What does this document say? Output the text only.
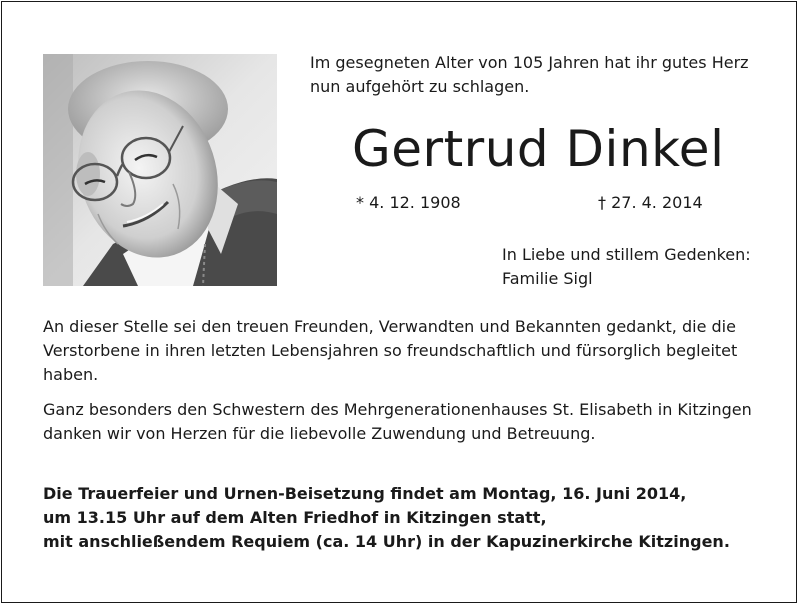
Im gesegneten Alter von 105 Jahren hat ihr gutes Herz
nun aufgehört zu schlagen.
Gertrud Dinkel
* 4. 12. 1908	† 27. 4. 2014
In Liebe und stillem Gedenken:
Familie Sigl

An dieser Stelle sei den treuen Freunden, Verwandten und Bekannten gedankt, die die
Verstorbene in ihren letzten Lebensjahren so freundschaftlich und fürsorglich begleitet
haben.

Ganz besonders den Schwestern des Mehrgenerationenhauses St. Elisabeth in Kitzingen
danken wir von Herzen für die liebevolle Zuwendung und Betreuung.

Die Trauerfeier und Urnen-Beisetzung findet am Montag, 16. Juni 2014,
um 13.15 Uhr auf dem Alten Friedhof in Kitzingen statt,
mit anschließendem Requiem (ca. 14 Uhr) in der Kapuzinerkirche Kitzingen.
